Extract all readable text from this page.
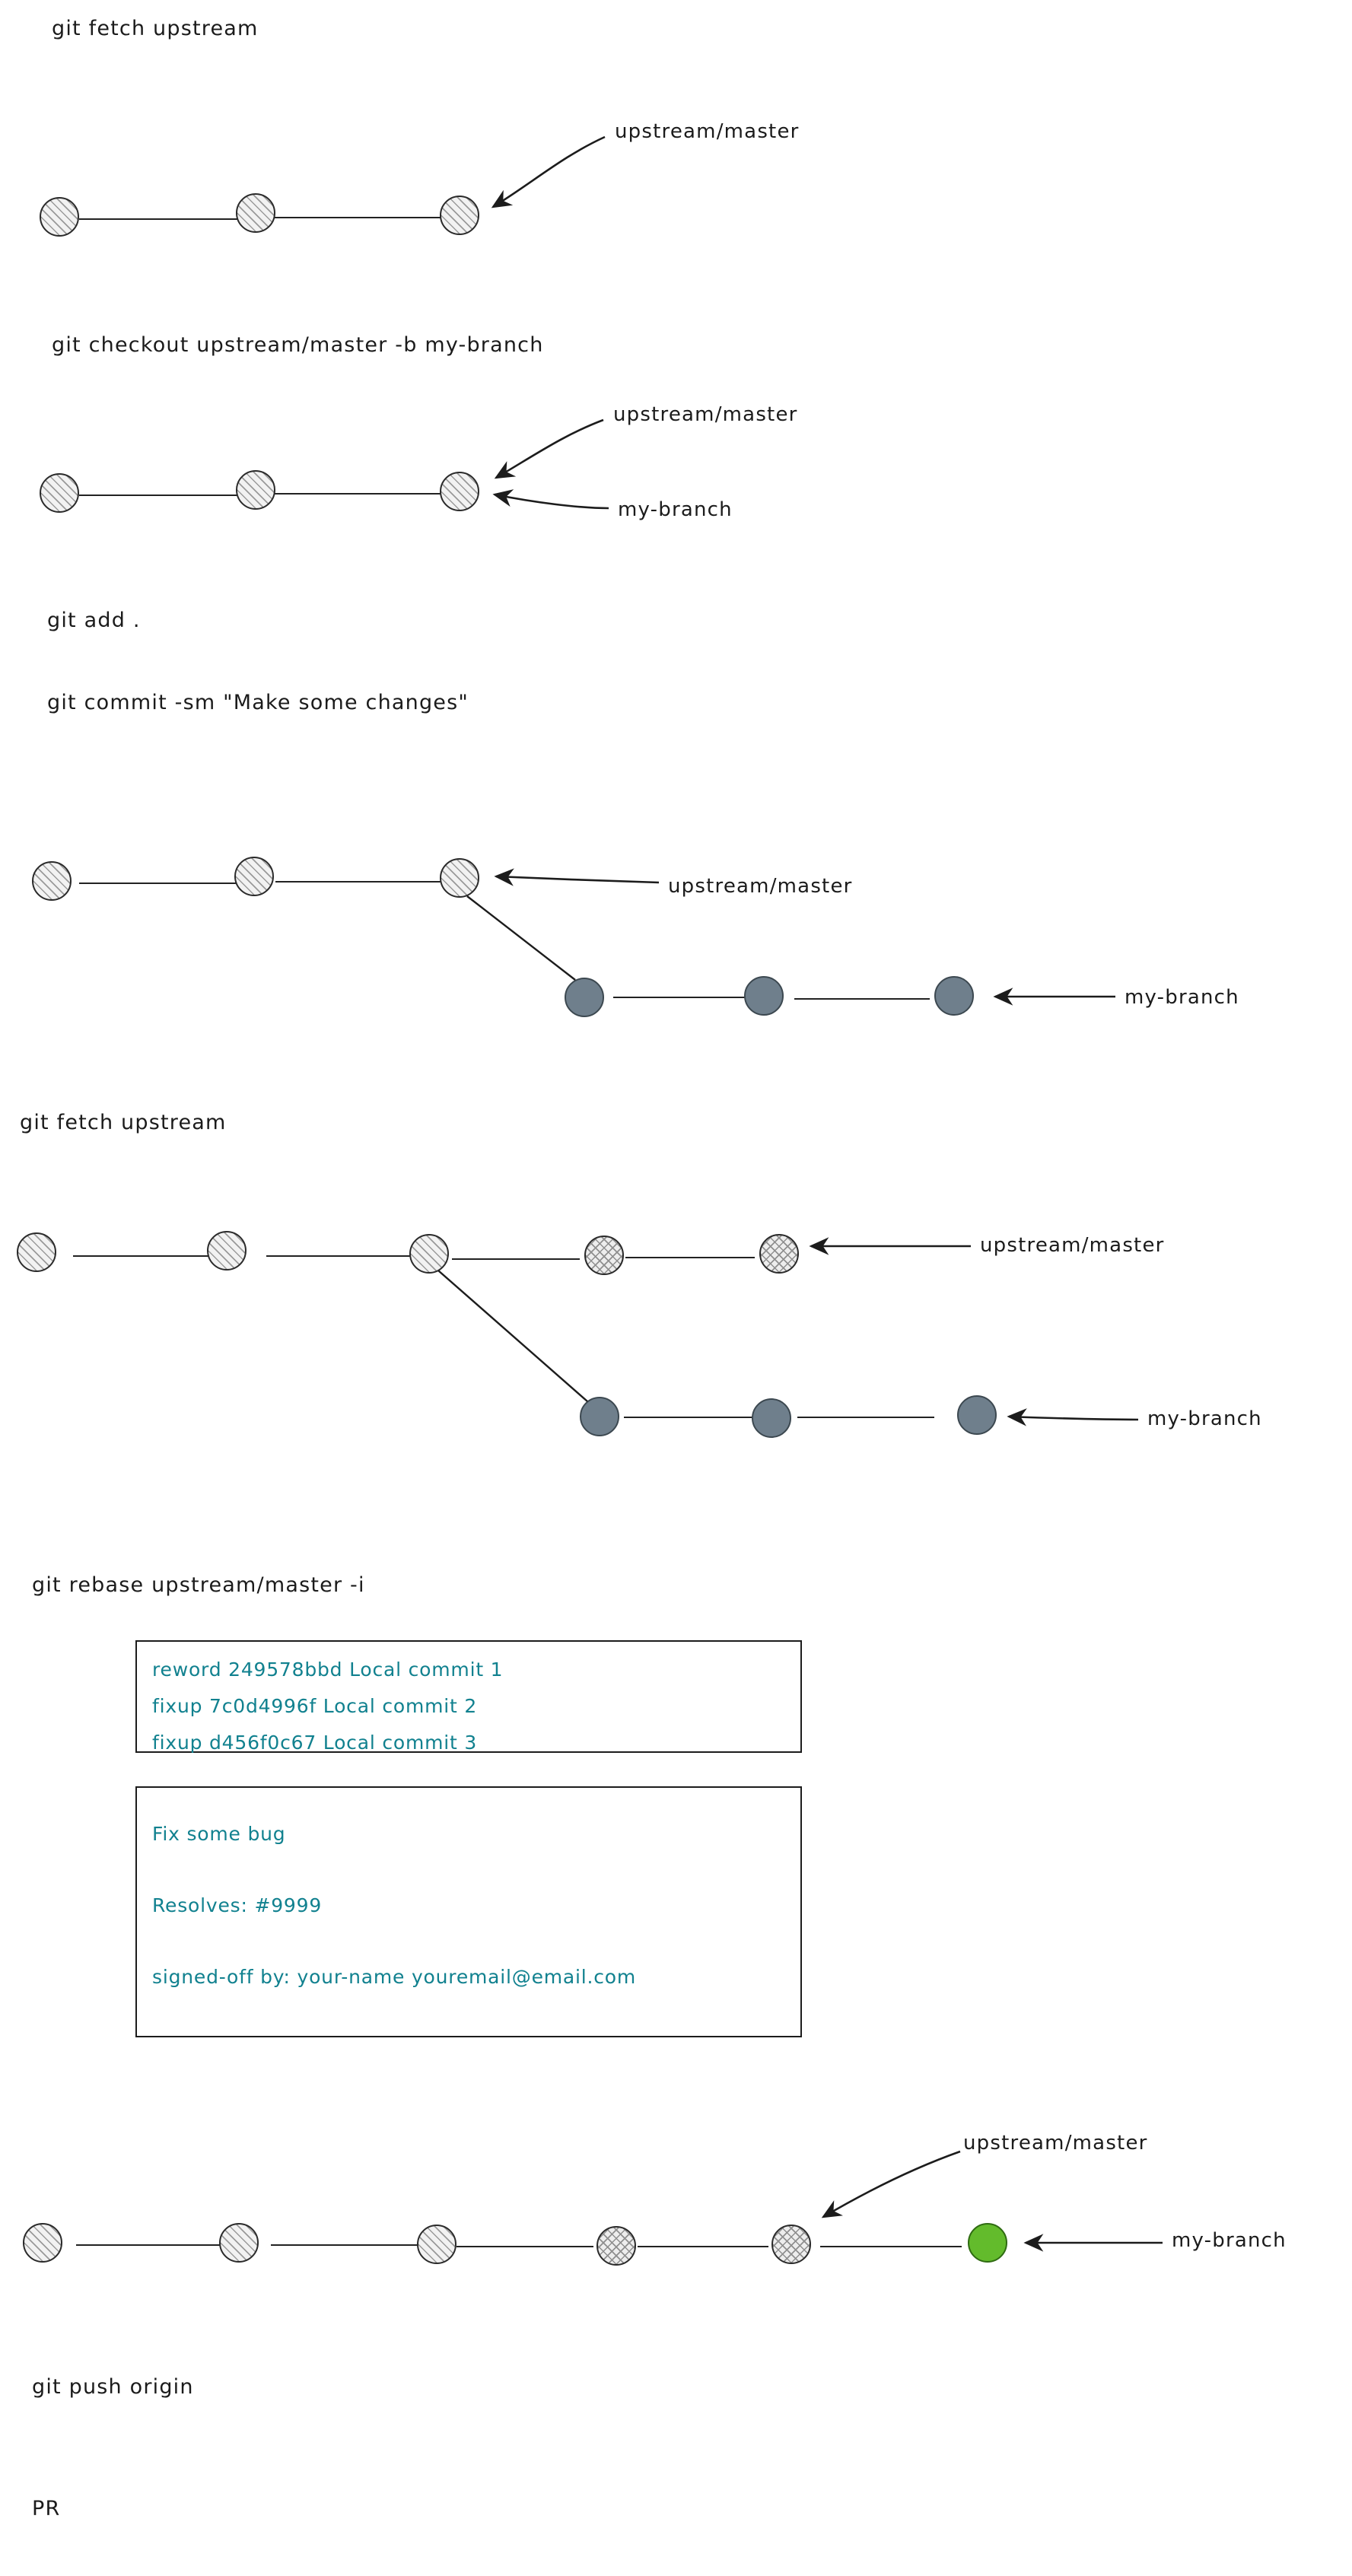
git fetch upstream
git checkout upstream/master -b my-branch
git add .
git commit -sm "Make some changes"
git fetch upstream
git rebase upstream/master -i
git push origin
PR
upstream/master
upstream/master
my-branch
upstream/master
my-branch
upstream/master
my-branch
reword 249578bbd Local commit 1
fixup 7c0d4996f Local commit 2
fixup d456f0c67 Local commit 3
Fix some bug
Resolves: #9999
signed-off by: your-name youremail@email.com
upstream/master
my-branch
